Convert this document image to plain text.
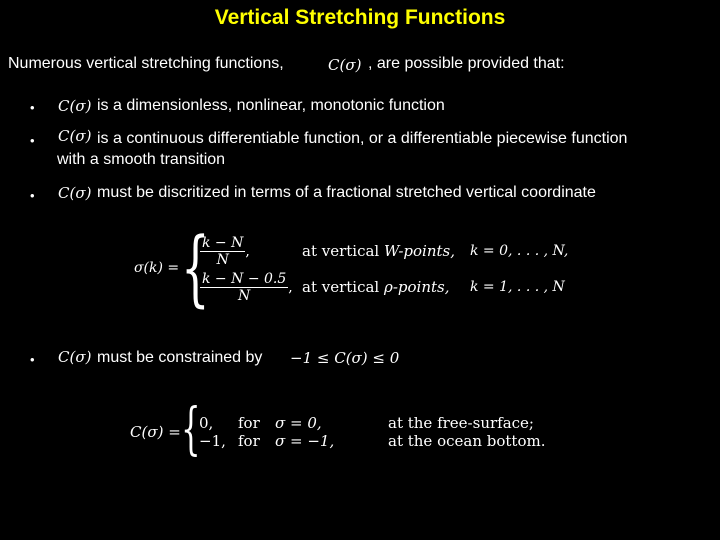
Vertical Stretching Functions
Numerous vertical stretching functions,	C(σ) , are possible provided that:
• C(σ) is a dimensionless, nonlinear, monotonic function
• C(σ) is a continuous differentiable function, or a differentiable piecewise function
with a smooth transition
• C(σ) must be discritized in terms of a fractional stretched vertical coordinate
σ(k) = {
$\frac{k - N}{N}$ ,	at vertical W-points, k = 0, . . . , N,
$\frac{k - N - 0.5}{N}$ , at vertical ρ-points, k = 1, . . . , N
• C(σ) must be constrained by −1 ≤ C(σ) ≤ 0
C(σ) = {
0, for σ = 0,	at the free-surface;
−1, for σ = −1,	at the ocean bottom.
